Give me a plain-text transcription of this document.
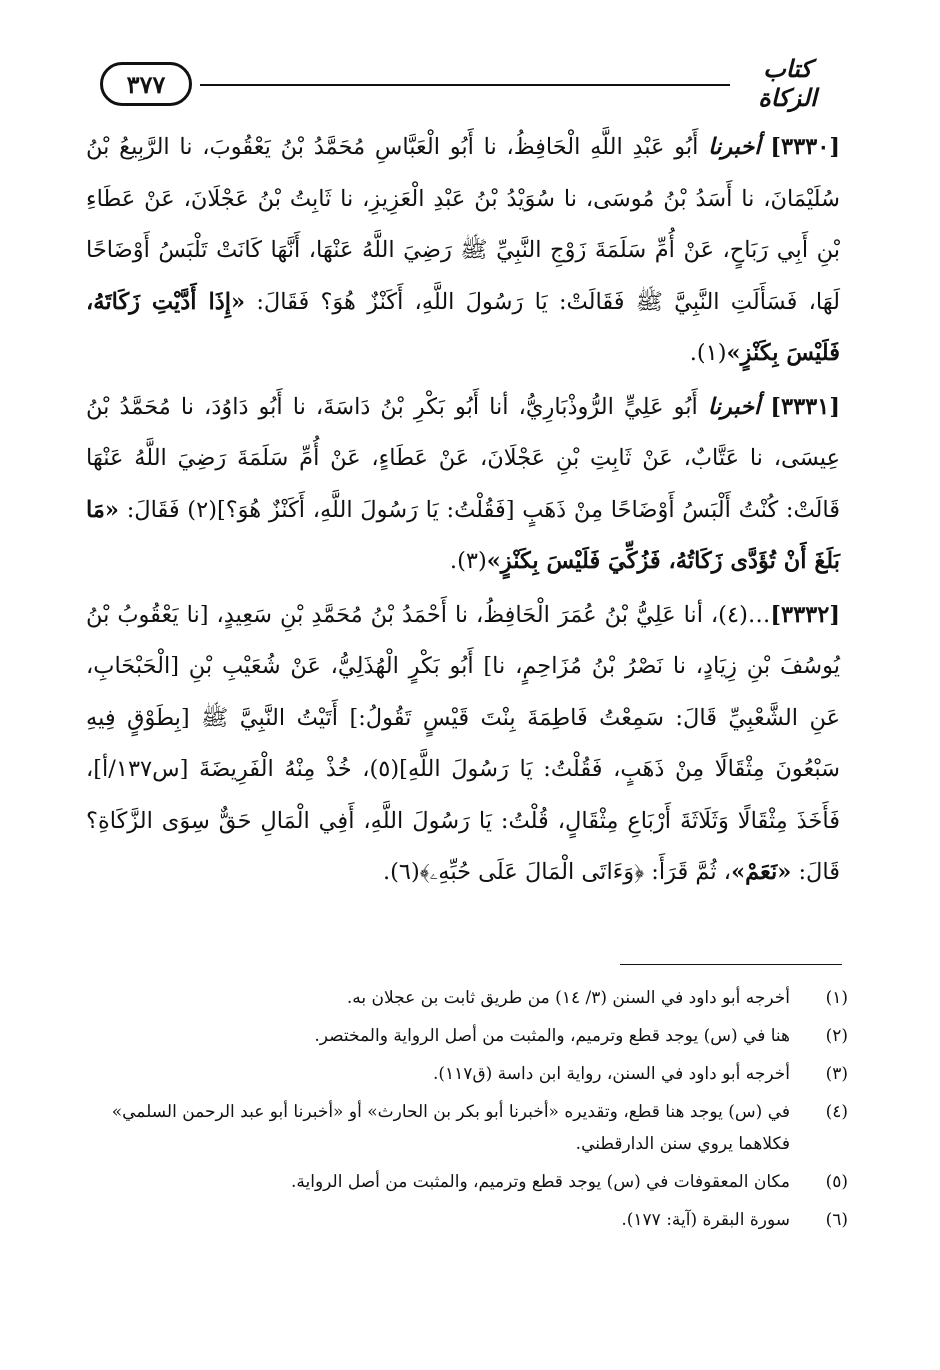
٣٧٧
كتاب الزكاة

[٣٣٣٠] أخبرنا أَبُو عَبْدِ اللَّهِ الْحَافِظُ، نا أَبُو الْعَبَّاسِ مُحَمَّدُ بْنُ يَعْقُوبَ، نا الرَّبِيعُ بْنُ سُلَيْمَانَ، نا أَسَدُ بْنُ مُوسَى، نا سُوَيْدُ بْنُ عَبْدِ الْعَزِيزِ، نا ثَابِتُ بْنُ عَجْلَانَ، عَنْ عَطَاءِ بْنِ أَبِي رَبَاحٍ، عَنْ أُمِّ سَلَمَةَ زَوْجِ النَّبِيِّ ﷺ رَضِيَ اللَّهُ عَنْهَا، أَنَّهَا كَانَتْ تَلْبَسُ أَوْضَاحًا لَهَا، فَسَأَلَتِ النَّبِيَّ ﷺ فَقَالَتْ: يَا رَسُولَ اللَّهِ، أَكَنْزٌ هُوَ؟ فَقَالَ: «إِذَا أَدَّيْتِ زَكَاتَهُ، فَلَيْسَ بِكَنْزٍ»(١).

[٣٣٣١] أخبرنا أَبُو عَلِيٍّ الرُّوذْبَارِيُّ، أنا أَبُو بَكْرِ بْنُ دَاسَةَ، نا أَبُو دَاوُدَ، نا مُحَمَّدُ بْنُ عِيسَى، نا عَتَّابٌ، عَنْ ثَابِتِ بْنِ عَجْلَانَ، عَنْ عَطَاءٍ، عَنْ أُمِّ سَلَمَةَ رَضِيَ اللَّهُ عَنْهَا قَالَتْ: كُنْتُ أَلْبَسُ أَوْضَاحًا مِنْ ذَهَبٍ [فَقُلْتُ: يَا رَسُولَ اللَّهِ، أَكَنْزٌ هُوَ؟](٢) فَقَالَ: «مَا بَلَغَ أَنْ تُؤَدَّى زَكَاتُهُ، فَزُكِّيَ فَلَيْسَ بِكَنْزٍ»(٣).

[٣٣٣٢]…(٤)، أنا عَلِيُّ بْنُ عُمَرَ الْحَافِظُ، نا أَحْمَدُ بْنُ مُحَمَّدِ بْنِ سَعِيدٍ، [نا يَعْقُوبُ بْنُ يُوسُفَ بْنِ زِيَادٍ، نا نَصْرُ بْنُ مُزَاحِمٍ، نا] أَبُو بَكْرٍ الْهُذَلِيُّ، عَنْ شُعَيْبِ بْنِ [الْحَبْحَابِ، عَنِ الشَّعْبِيِّ قَالَ: سَمِعْتُ فَاطِمَةَ بِنْتَ قَيْسٍ تَقُولُ:] أَتَيْتُ النَّبِيَّ ﷺ [بِطَوْقٍ فِيهِ سَبْعُونَ مِثْقَالًا مِنْ ذَهَبٍ، فَقُلْتُ: يَا رَسُولَ اللَّهِ](٥)، خُذْ مِنْهُ الْفَرِيضَةَ [س١٣٧/أ]، فَأَخَذَ مِثْقَالًا وَثَلَاثَةَ أَرْبَاعِ مِثْقَالٍ، قُلْتُ: يَا رَسُولَ اللَّهِ، أَفِي الْمَالِ حَقٌّ سِوَى الزَّكَاةِ؟ قَالَ: «نَعَمْ»، ثُمَّ قَرَأَ: ﴿وَءَاتَى الْمَالَ عَلَى حُبِّهِۦ﴾(٦).

(١)
أخرجه أبو داود في السنن (٣/ ١٤) من طريق ثابت بن عجلان به.
(٢)
هنا في (س) يوجد قطع وترميم، والمثبت من أصل الرواية والمختصر.
(٣)
أخرجه أبو داود في السنن، رواية ابن داسة (ق١١٧).
(٤)
في (س) يوجد هنا قطع، وتقديره «أخبرنا أبو بكر بن الحارث» أو «أخبرنا أبو عبد الرحمن السلمي» فكلاهما يروي سنن الدارقطني.
(٥)
مكان المعقوفات في (س) يوجد قطع وترميم، والمثبت من أصل الرواية.
(٦)
سورة البقرة (آية: ١٧٧).
